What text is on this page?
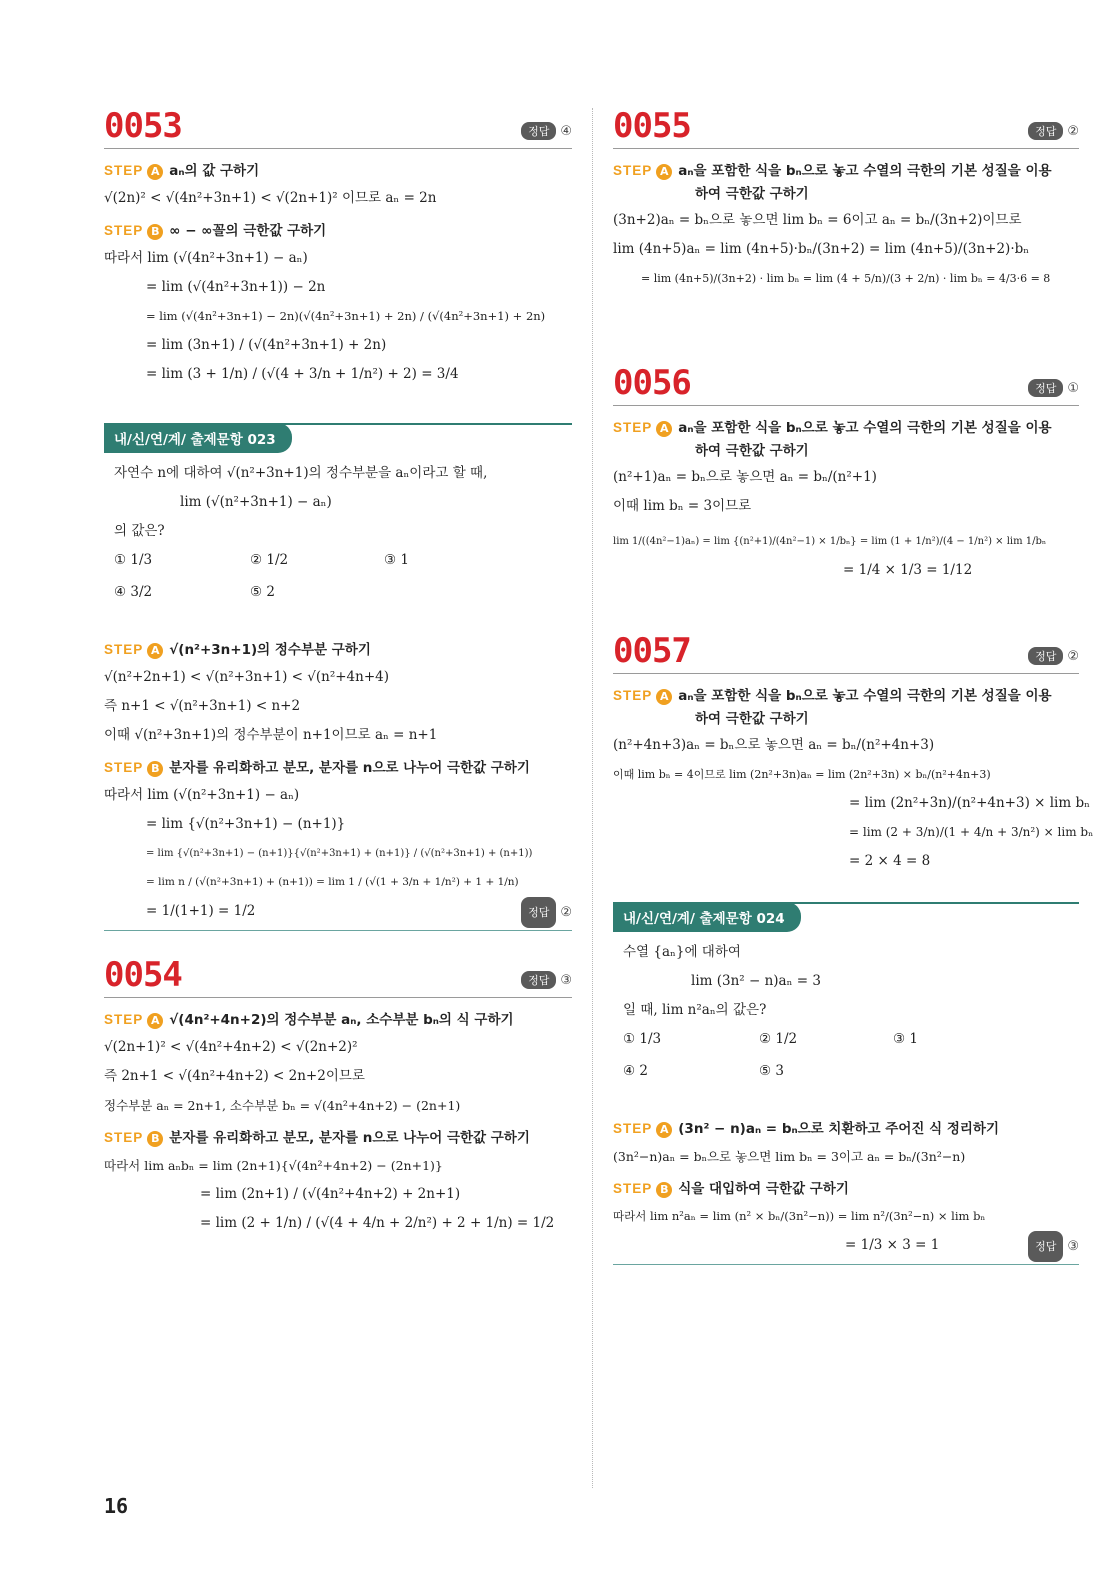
0053	정답 ④
STEP A aₙ의 값 구하기
√(2n)² < √(4n²+3n+1) < √(2n+1)² 이므로 aₙ = 2n
STEP B ∞ − ∞꼴의 극한값 구하기
따라서 lim (√(4n²+3n+1) − aₙ)
= lim (√(4n²+3n+1)) − 2n
= lim (√(4n²+3n+1) − 2n)(√(4n²+3n+1) + 2n) / (√(4n²+3n+1) + 2n)
= lim (3n+1) / (√(4n²+3n+1) + 2n)
= lim (3 + 1/n) / (√(4 + 3/n + 1/n²) + 2) = 3/4
내/신/연/계/ 출제문항 023
자연수 n에 대하여 √(n²+3n+1)의 정수부분을 aₙ이라고 할 때,
lim (√(n²+3n+1) − aₙ)
의 값은?
① 1/3	② 1/2	③ 1
④ 3/2	⑤ 2
STEP A √(n²+3n+1)의 정수부분 구하기
√(n²+2n+1) < √(n²+3n+1) < √(n²+4n+4)
즉 n+1 < √(n²+3n+1) < n+2
이때 √(n²+3n+1)의 정수부분이 n+1이므로 aₙ = n+1
STEP B 분자를 유리화하고 분모, 분자를 n으로 나누어 극한값 구하기
따라서 lim (√(n²+3n+1) − aₙ)
= lim {√(n²+3n+1) − (n+1)}
= lim {√(n²+3n+1) − (n+1)}{√(n²+3n+1) + (n+1)} / (√(n²+3n+1) + (n+1))
= lim n / (√(n²+3n+1) + (n+1)) = lim 1 / (√(1 + 3/n + 1/n²) + 1 + 1/n)
= 1/(1+1) = 1/2	정답 ②
0054	정답 ③
STEP A √(4n²+4n+2)의 정수부분 aₙ, 소수부분 bₙ의 식 구하기
√(2n+1)² < √(4n²+4n+2) < √(2n+2)²
즉 2n+1 < √(4n²+4n+2) < 2n+2이므로
정수부분 aₙ = 2n+1, 소수부분 bₙ = √(4n²+4n+2) − (2n+1)
STEP B 분자를 유리화하고 분모, 분자를 n으로 나누어 극한값 구하기
따라서 lim aₙbₙ = lim (2n+1){√(4n²+4n+2) − (2n+1)}
= lim (2n+1) / (√(4n²+4n+2) + 2n+1)
= lim (2 + 1/n) / (√(4 + 4/n + 2/n²) + 2 + 1/n) = 1/2
0055	정답 ②
STEP A aₙ을 포함한 식을 bₙ으로 놓고 수열의 극한의 기본 성질을 이용
하여 극한값 구하기
(3n+2)aₙ = bₙ으로 놓으면 lim bₙ = 6이고 aₙ = bₙ/(3n+2)이므로
lim (4n+5)aₙ = lim (4n+5)·bₙ/(3n+2) = lim (4n+5)/(3n+2)·bₙ
= lim (4n+5)/(3n+2) · lim bₙ = lim (4 + 5/n)/(3 + 2/n) · lim bₙ = 4/3·6 = 8
0056	정답 ①
STEP A aₙ을 포함한 식을 bₙ으로 놓고 수열의 극한의 기본 성질을 이용
하여 극한값 구하기
(n²+1)aₙ = bₙ으로 놓으면 aₙ = bₙ/(n²+1)
이때 lim bₙ = 3이므로
lim 1/((4n²−1)aₙ) = lim {(n²+1)/(4n²−1) × 1/bₙ} = lim (1 + 1/n²)/(4 − 1/n²) × lim 1/bₙ
= 1/4 × 1/3 = 1/12
0057	정답 ②
STEP A aₙ을 포함한 식을 bₙ으로 놓고 수열의 극한의 기본 성질을 이용
하여 극한값 구하기
(n²+4n+3)aₙ = bₙ으로 놓으면 aₙ = bₙ/(n²+4n+3)
이때 lim bₙ = 4이므로 lim (2n²+3n)aₙ = lim (2n²+3n) × bₙ/(n²+4n+3)
= lim (2n²+3n)/(n²+4n+3) × lim bₙ
= lim (2 + 3/n)/(1 + 4/n + 3/n²) × lim bₙ
= 2 × 4 = 8
내/신/연/계/ 출제문항 024
수열 {aₙ}에 대하여
lim (3n² − n)aₙ = 3
일 때, lim n²aₙ의 값은?
① 1/3	② 1/2	③ 1
④ 2	⑤ 3
STEP A (3n² − n)aₙ = bₙ으로 치환하고 주어진 식 정리하기
(3n²−n)aₙ = bₙ으로 놓으면 lim bₙ = 3이고 aₙ = bₙ/(3n²−n)
STEP B 식을 대입하여 극한값 구하기
따라서 lim n²aₙ = lim (n² × bₙ/(3n²−n)) = lim n²/(3n²−n) × lim bₙ
= 1/3 × 3 = 1	정답 ③
16
